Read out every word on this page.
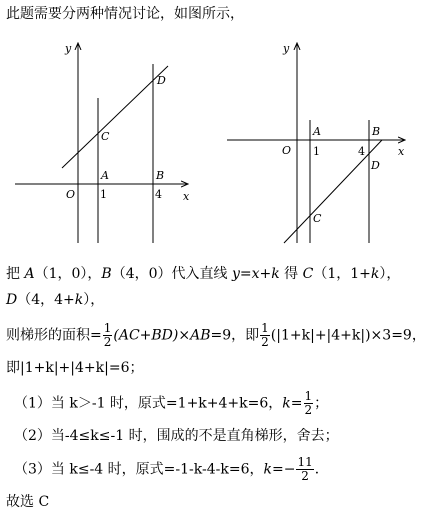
此题需要分两种情况讨论，如图所示，
y
x
O
A	B
C
D
1	4
y
x
O
A	B
C
D
1	4
把 A（1，0），B（4，0）代入直线 y=x+k 得 C（1，1+k），
D（4，4+k），
则梯形的面积= $\frac{1}{2} (AC+BD)\times AB=9$，即 $\frac{1}{2} (|1+k|+|4+k|)\times 3=9$，
即|1+k|+|4+k|=6；
（1）当 k＞-1 时，原式=1+k+4+k=6，$k= \frac{1}{2}$ ；
（2）当-4≤k≤-1 时，围成的不是直角梯形，舍去；
（3）当 k≤-4 时，原式=-1-k-4-k=6，$k=- \frac{11}{2}$ ．
故选 C
